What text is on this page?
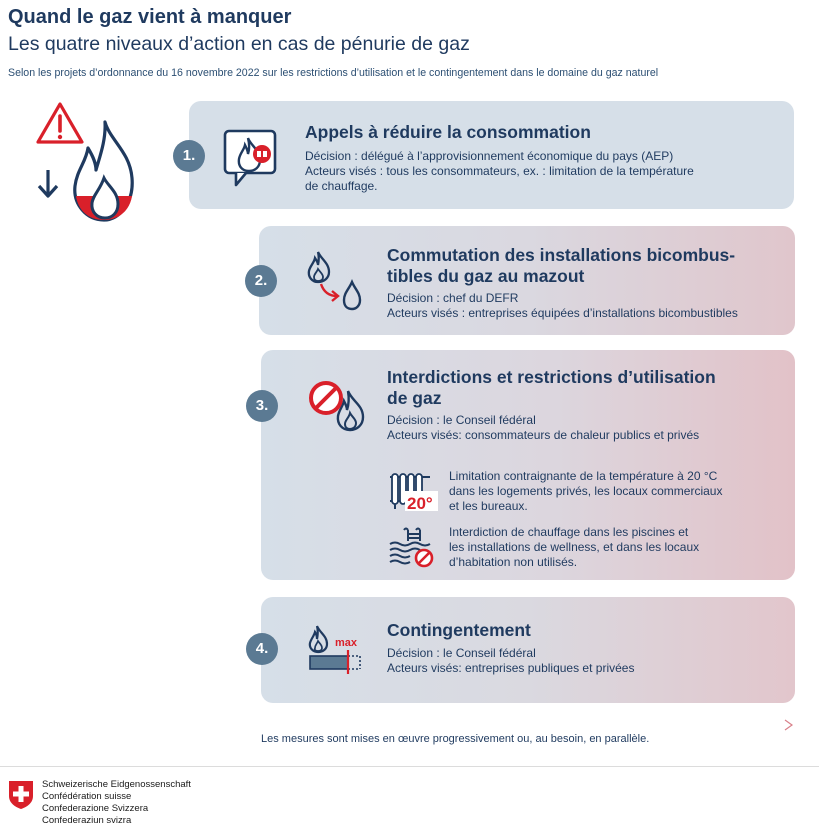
Quand le gaz vient à manquer
Les quatre niveaux d’action en cas de pénurie de gaz
Selon les projets d’ordonnance du 16 novembre 2022 sur les restrictions d’utilisation et le contingentement dans le domaine du gaz naturel
1.
Appels à réduire la consommation
Décision : délégué à l’approvisionnement économique du pays (AEP)
Acteurs visés : tous les consommateurs, ex. : limitation de la température
de chauffage.
2.
Commutation des installations bicombus-
tibles du gaz au mazout
Décision : chef du DEFR
Acteurs visés : entreprises équipées d’installations bicombustibles
3.
Interdictions et restrictions d’utilisation
de gaz
Décision : le Conseil fédéral
Acteurs visés: consommateurs de chaleur publics et privés
20°
Limitation contraignante de la température à 20 °C
dans les logements privés, les locaux commerciaux
et les bureaux.
Interdiction de chauffage dans les piscines et
les installations de wellness, et dans les locaux
d’habitation non utilisés.
4.	max
Contingentement
Décision : le Conseil fédéral
Acteurs visés: entreprises publiques et privées
Les mesures sont mises en œuvre progressivement ou, au besoin, en parallèle.
Schweizerische Eidgenossenschaft
Confédération suisse
Confederazione Svizzera
Confederaziun svizra
